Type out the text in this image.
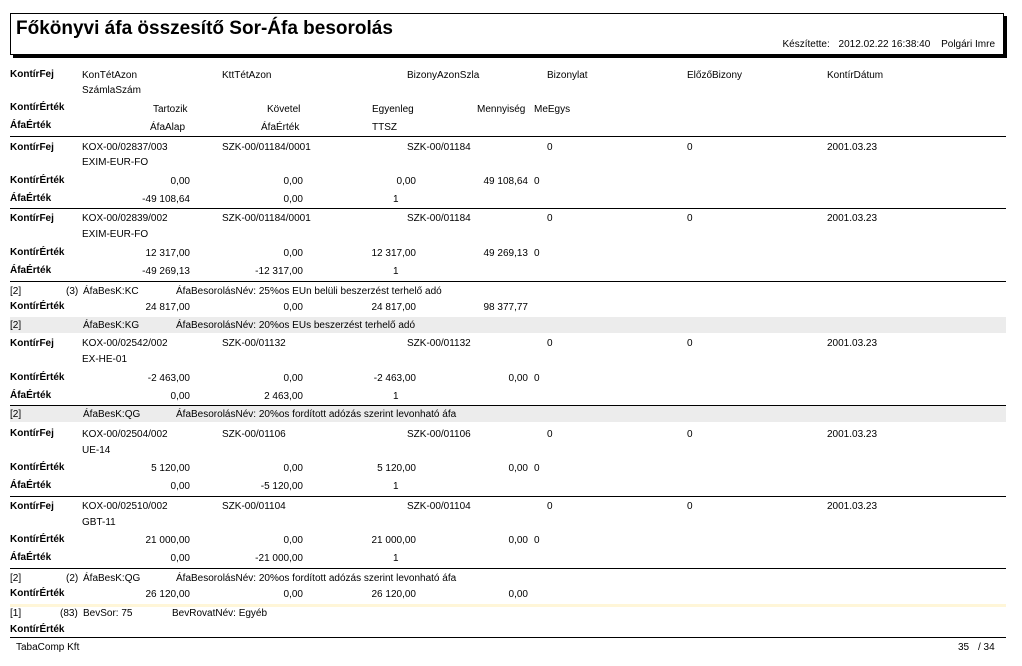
Főkönyvi áfa összesítő Sor-Áfa besorolás
Készítette: 2012.02.22 16:38:40 Polgári Imre
KontírFej	KonTétAzon	KttTétAzon	BizonyAzonSzla	Bizonylat	ElőzőBizony	KontírDátum
SzámlaSzám
KontírÉrték	Tartozik	Követel	Egyenleg	Mennyiség MeEgys
ÁfaÉrték	ÁfaAlap	ÁfaÉrték	TTSZ
KontírFej	KOX-00/02837/003	SZK-00/01184/0001	SZK-00/01184	0	0	2001.03.23
EXIM-EUR-FO
KontírÉrték	0,00	0,00	0,00	49 108,64 0
ÁfaÉrték	-49 108,64	0,00	1
KontírFej	KOX-00/02839/002	SZK-00/01184/0001	SZK-00/01184	0	0	2001.03.23
EXIM-EUR-FO
KontírÉrték	12 317,00	0,00	12 317,00	49 269,13 0
ÁfaÉrték	-49 269,13	-12 317,00	1
[2]	(3) ÁfaBesK:KC	ÁfaBesorolásNév: 25%os EUn belüli beszerzést terhelő adó
KontírÉrték	24 817,00	0,00	24 817,00	98 377,77
[2]	ÁfaBesK:KG	ÁfaBesorolásNév: 20%os EUs beszerzést terhelő adó
KontírFej	KOX-00/02542/002	SZK-00/01132	SZK-00/01132	0	0	2001.03.23
EX-HE-01
KontírÉrték	-2 463,00	0,00	-2 463,00	0,00 0
ÁfaÉrték	0,00	2 463,00	1
[2]	ÁfaBesK:QG	ÁfaBesorolásNév: 20%os fordított adózás szerint levonható áfa
KontírFej	KOX-00/02504/002	SZK-00/01106	SZK-00/01106	0	0	2001.03.23
UE-14
KontírÉrték	5 120,00	0,00	5 120,00	0,00 0
ÁfaÉrték	0,00	-5 120,00	1
KontírFej	KOX-00/02510/002	SZK-00/01104	SZK-00/01104	0	0	2001.03.23
GBT-11
KontírÉrték	21 000,00	0,00	21 000,00	0,00 0
ÁfaÉrték	0,00	-21 000,00	1
[2]	(2) ÁfaBesK:QG	ÁfaBesorolásNév: 20%os fordított adózás szerint levonható áfa
KontírÉrték	26 120,00	0,00	26 120,00	0,00
[1]	(83) BevSor: 75	BevRovatNév: Egyéb
KontírÉrték
TabaComp Kft	35 / 34
